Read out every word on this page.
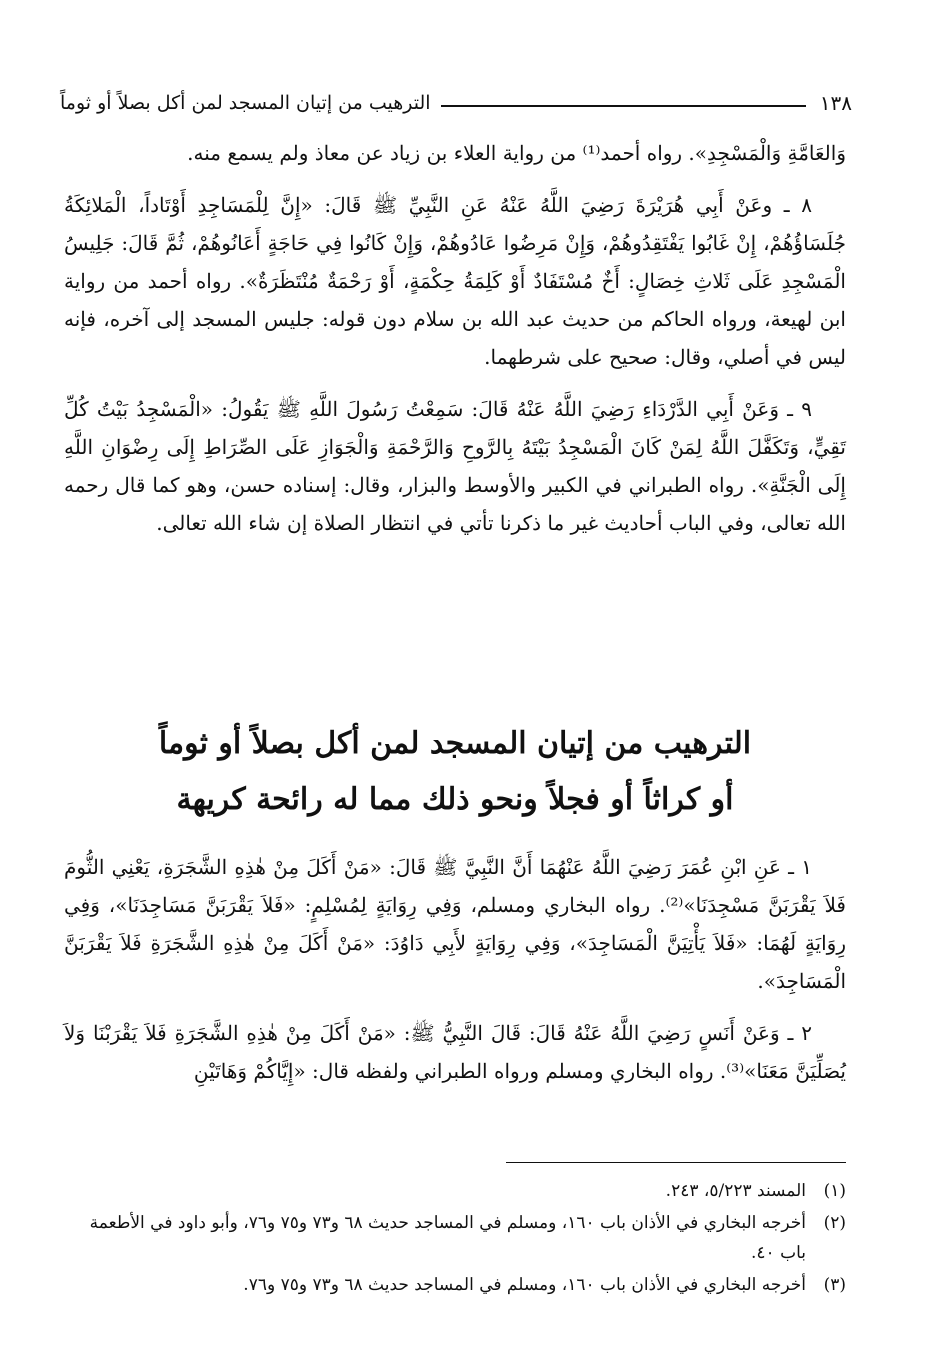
١٣٨
الترهيب من إتيان المسجد لمن أكل بصلاً أو ثوماً

وَالعَامَّةِ وَالْمَسْجِدِ». رواه أحمد⁽¹⁾ من رواية العلاء بن زياد عن معاذ ولم يسمع منه.

٨ ـ وعَنْ أَبِي هُرَيْرَةَ رَضِيَ اللَّهُ عَنْهُ عَنِ النَّبِيِّ ﷺ قَالَ: «إِنَّ لِلْمَسَاجِدِ أَوْتَاداً، الْمَلائِكَةُ جُلَسَاؤُهُمْ، إِنْ غَابُوا يَفْتَقِدُوهُمْ، وَإِنْ مَرِضُوا عَادُوهُمْ، وَإِنْ كَانُوا فِي حَاجَةٍ أَعَانُوهُمْ، ثُمَّ قَالَ: جَلِيسُ الْمَسْجِدِ عَلَى ثَلاثِ خِصَالٍ: أَخٌ مُسْتَفَادٌ أَوْ كَلِمَةُ حِكْمَةٍ، أَوْ رَحْمَةٌ مُنْتَظَرَةٌ». رواه أحمد من رواية ابن لهيعة، ورواه الحاكم من حديث عبد الله بن سلام دون قوله: جليس المسجد إلى آخره، فإنه ليس في أصلي، وقال: صحيح على شرطهما.

٩ ـ وَعَنْ أَبِي الدَّرْدَاءِ رَضِيَ اللَّهُ عَنْهُ قَالَ: سَمِعْتُ رَسُولَ اللَّهِ ﷺ يَقُولُ: «الْمَسْجِدُ بَيْتُ كُلِّ تَقِيٍّ، وَتَكَفَّلَ اللَّهُ لِمَنْ كَانَ الْمَسْجِدُ بَيْتَهُ بِالرَّوحِ وَالرَّحْمَةِ وَالْجَوَازِ عَلَى الصِّرَاطِ إِلَى رِضْوَانِ اللَّهِ إِلَى الْجَنَّةِ». رواه الطبراني في الكبير والأوسط والبزار، وقال: إسناده حسن، وهو كما قال رحمه الله تعالى، وفي الباب أحاديث غير ما ذكرنا تأتي في انتظار الصلاة إن شاء الله تعالى.

الترهيب من إتيان المسجد لمن أكل بصلاً أو ثوماً
أو كراثاً أو فجلاً ونحو ذلك مما له رائحة كريهة

١ ـ عَنِ ابْنِ عُمَرَ رَضِيَ اللَّهُ عَنْهُمَا أَنَّ النَّبِيَّ ﷺ قَالَ: «مَنْ أَكَلَ مِنْ هٰذِهِ الشَّجَرَةِ، يَعْنِي الثُّومَ فَلاَ يَقْرَبَنَّ مَسْجِدَنَا»⁽²⁾. رواه البخاري ومسلم، وَفِي رِوَايَةٍ لِمُسْلِمٍ: «فَلاَ يَقْرَبَنَّ مَسَاجِدَنَا»، وَفِي رِوَايَةٍ لَهُمَا: «فَلاَ يَأْتِيَنَّ الْمَسَاجِدَ»، وَفِي رِوَايَةٍ لأَبِي دَاوُدَ: «مَنْ أَكَلَ مِنْ هٰذِهِ الشَّجَرَةِ فَلاَ يَقْرَبَنَّ الْمَسَاجِدَ».

٢ ـ وَعَنْ أَنَسٍ رَضِيَ اللَّهُ عَنْهُ قَالَ: قَالَ النَّبِيُّ ﷺ: «مَنْ أَكَلَ مِنْ هٰذِهِ الشَّجَرَةِ فَلاَ يَقْرَبْنَا وَلاَ يُصَلِّيَنَّ مَعَنَا»⁽³⁾. رواه البخاري ومسلم ورواه الطبراني ولفظه قال: «إِيَّاكُمْ وَهَاتَيْنِ

(١)
المسند ٥/٢٢٣، ٢٤٣.
(٢)
أخرجه البخاري في الأذان باب ١٦٠، ومسلم في المساجد حديث ٦٨ و٧٣ و٧٥ و٧٦، وأبو داود في الأطعمة باب ٤٠.
(٣)
أخرجه البخاري في الأذان باب ١٦٠، ومسلم في المساجد حديث ٦٨ و٧٣ و٧٥ و٧٦.
